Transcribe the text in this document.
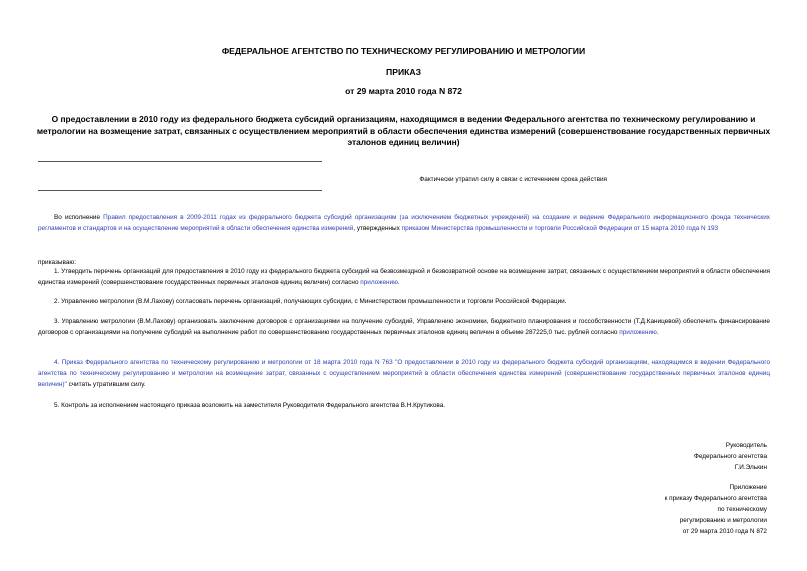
ФЕДЕРАЛЬНОЕ АГЕНТСТВО ПО ТЕХНИЧЕСКОМУ РЕГУЛИРОВАНИЮ И МЕТРОЛОГИИ
ПРИКАЗ
от 29 марта 2010 года N 872
О предоставлении в 2010 году из федерального бюджета субсидий организациям, находящимся в ведении Федерального агентства по техническому регулированию и метрологии на возмещение затрат, связанных с осуществлением мероприятий в области обеспечения единства измерений (совершенствование государственных первичных эталонов единиц величин)
Фактически утратил силу в связи с истечением срока действия
Во исполнение Правил предоставления в 2009-2011 годах из федерального бюджета субсидий организациям (за исключением бюджетных учреждений) на создание и ведение Федерального информационного фонда технических регламентов и стандартов и на осуществление мероприятий в области обеспечения единства измерений, утвержденных приказом Министерства промышленности и торговли Российской Федерации от 15 марта 2010 года N 193
приказываю:
1. Утвердить перечень организаций для предоставления в 2010 году из федерального бюджета субсидий на безвозмездной и безвозвратной основе на возмещение затрат, связанных с осуществлением мероприятий в области обеспечения единства измерений (совершенствование государственных первичных эталонов единиц величин) согласно приложению.
2. Управлению метрологии (В.М.Лахову) согласовать перечень организаций, получающих субсидии, с Министерством промышленности и торговли Российской Федерации.
3. Управлению метрологии (В.М.Лахову) организовать заключение договоров с организациями на получение субсидий, Управлению экономики, бюджетного планирования и госсобственности (Т.Д.Каницевой) обеспечить финансирование договоров с организациями на получение субсидий на выполнение работ по совершенствованию государственных первичных эталонов единиц величин в объеме 287225,0 тыс. рублей согласно приложению.
4. Приказ Федерального агентства по техническому регулированию и метрологии от 18 марта 2010 года N 763 "О предоставлении в 2010 году из федерального бюджета субсидий организациям, находящимся в ведении Федерального агентства по техническому регулированию и метрологии на возмещение затрат, связанных с осуществлением мероприятий в области обеспечения единства измерений (совершенствование государственных первичных эталонов единиц величин)" считать утратившим силу.
5. Контроль за исполнением настоящего приказа возложить на заместителя Руководителя Федерального агентства В.Н.Крутикова.
Руководитель
Федерального агентства
Г.И.Элькин
Приложение
к приказу Федерального агентства
по техническому
регулированию и метрологии
от 29 марта 2010 года N 872
